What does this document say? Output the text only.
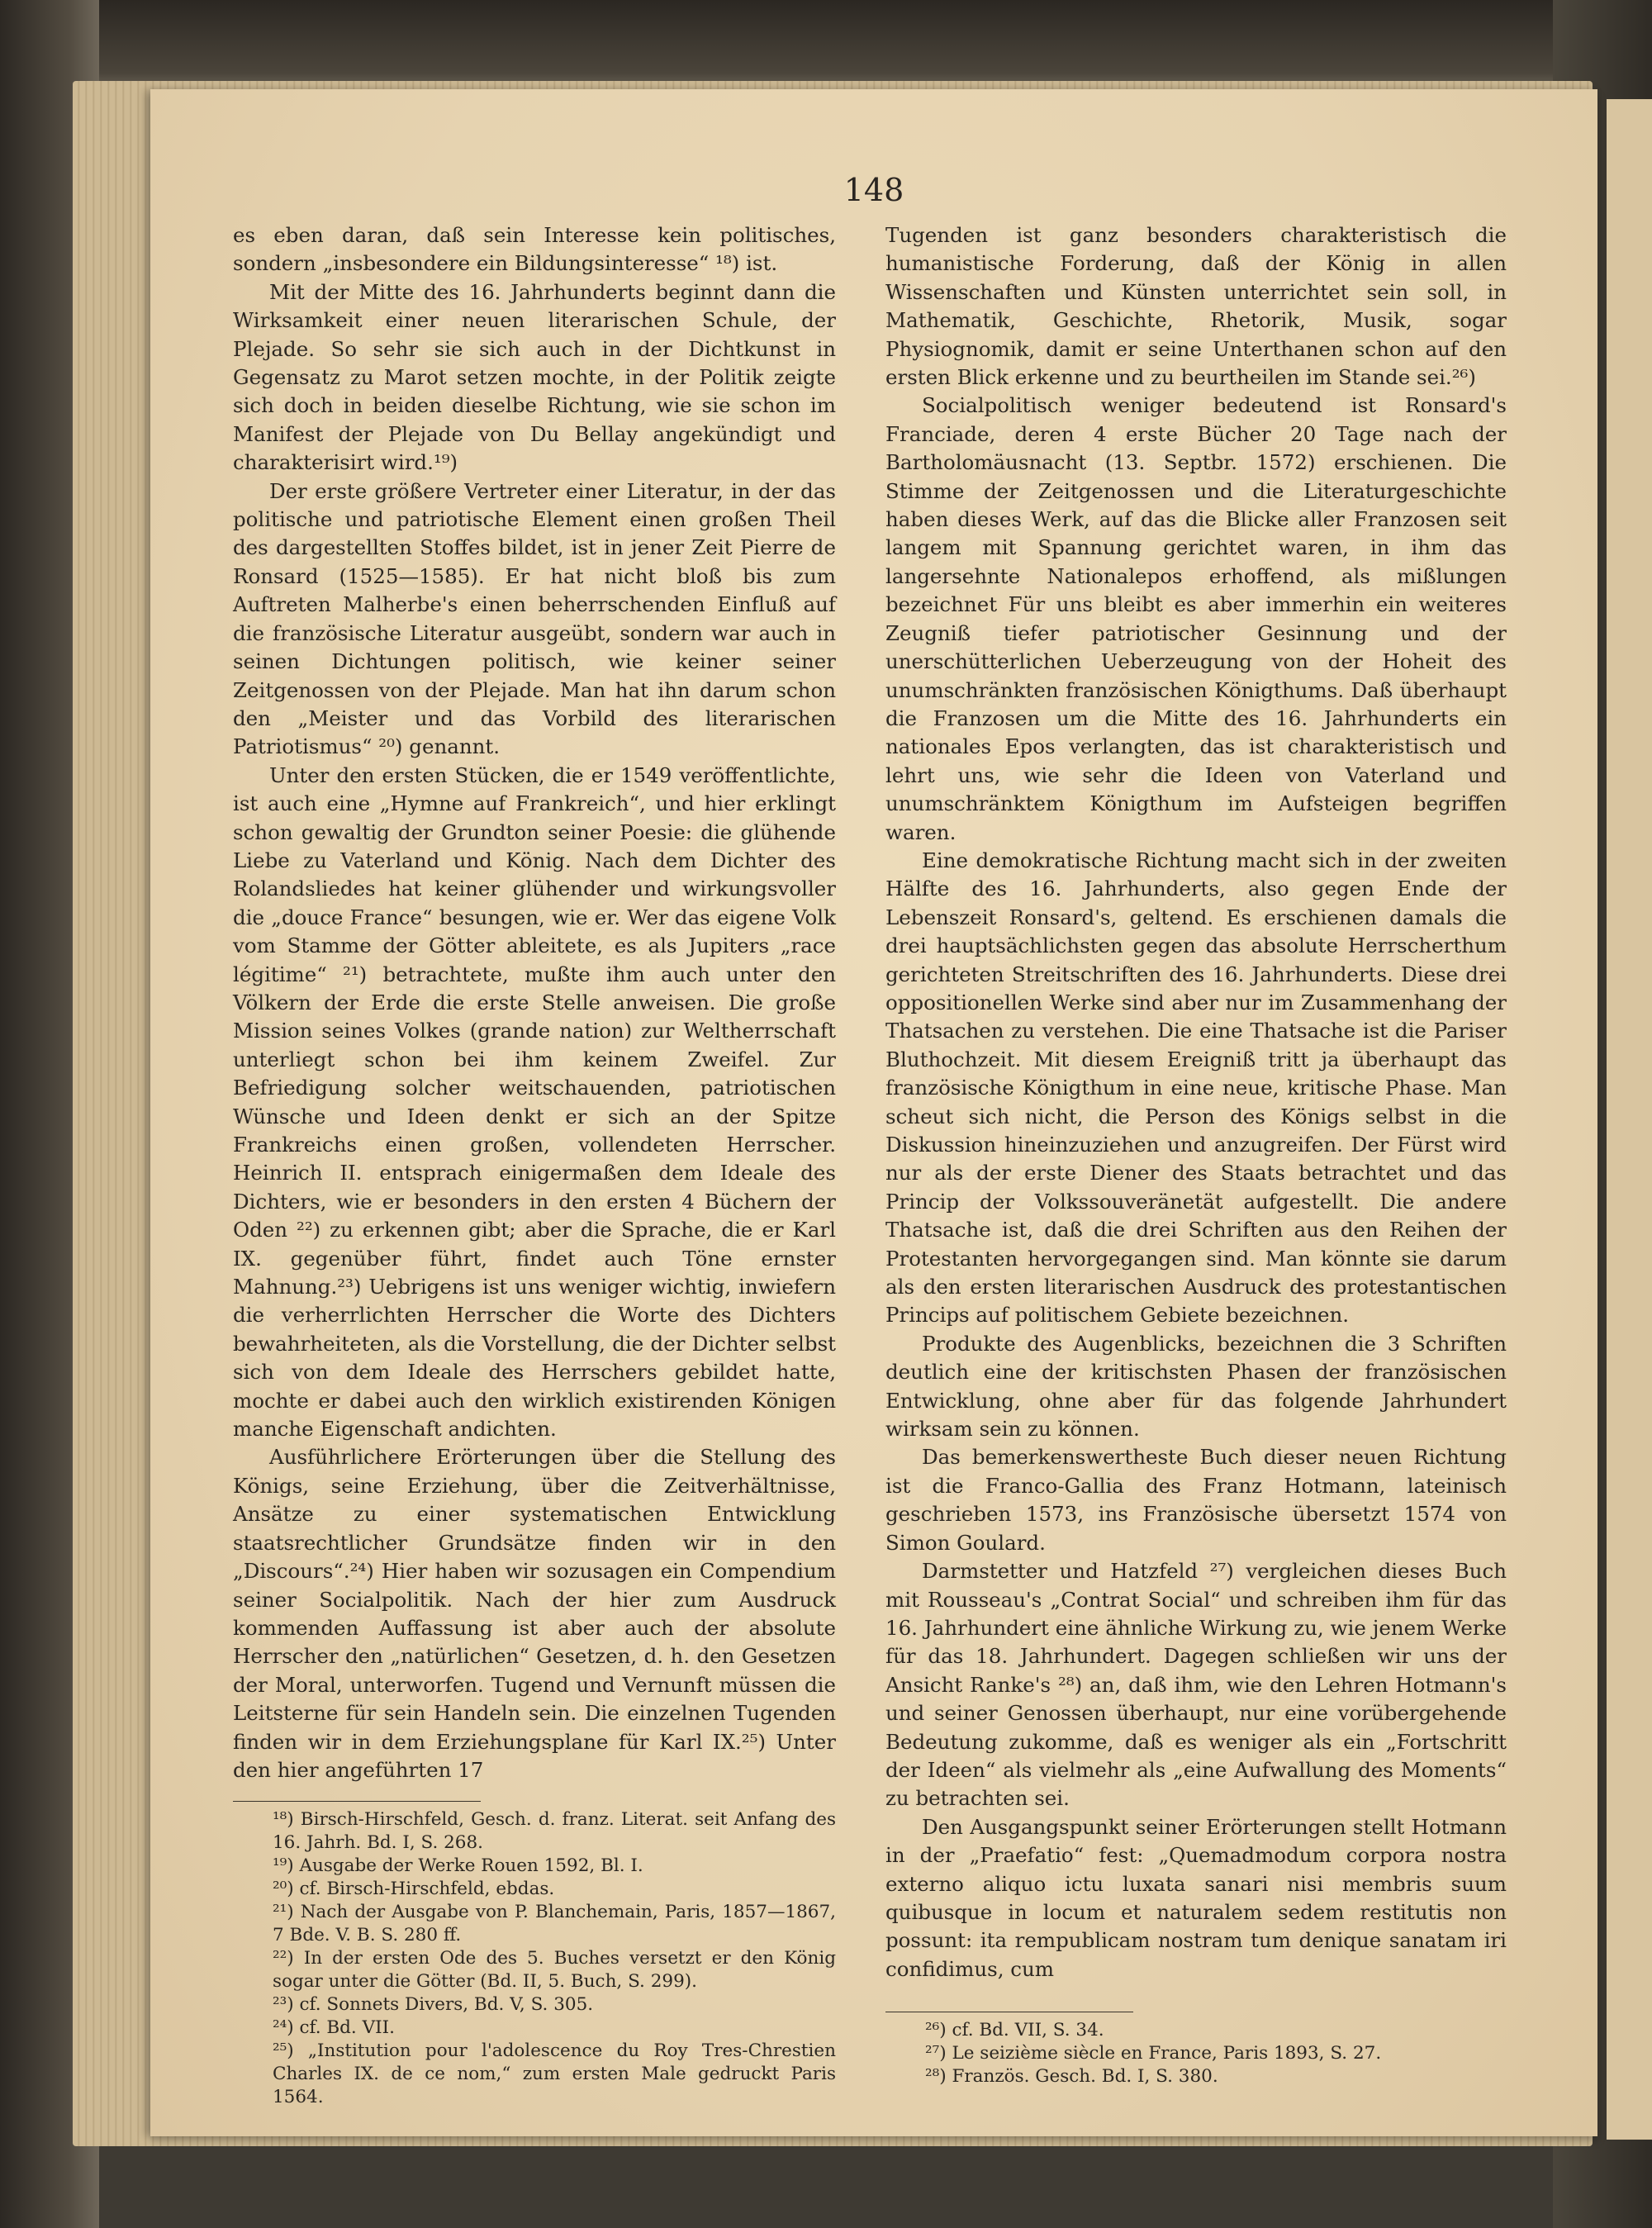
148

es eben daran, daß sein Interesse kein politisches, sondern „insbesondere ein Bildungsinteresse“ ¹⁸) ist.

Mit der Mitte des 16. Jahrhunderts beginnt dann die Wirksamkeit einer neuen literarischen Schule, der Plejade. So sehr sie sich auch in der Dichtkunst in Gegensatz zu Marot setzen mochte, in der Politik zeigte sich doch in beiden dieselbe Richtung, wie sie schon im Manifest der Plejade von Du Bellay angekündigt und charakterisirt wird.¹⁹)

Der erste größere Vertreter einer Literatur, in der das politische und patriotische Element einen großen Theil des dargestellten Stoffes bildet, ist in jener Zeit Pierre de Ronsard (1525—1585). Er hat nicht bloß bis zum Auftreten Malherbe's einen beherrschenden Einfluß auf die französische Literatur ausgeübt, sondern war auch in seinen Dichtungen politisch, wie keiner seiner Zeitgenossen von der Plejade. Man hat ihn darum schon den „Meister und das Vorbild des literarischen Patriotismus“ ²⁰) genannt.

Unter den ersten Stücken, die er 1549 veröffentlichte, ist auch eine „Hymne auf Frankreich“, und hier erklingt schon gewaltig der Grundton seiner Poesie: die glühende Liebe zu Vaterland und König. Nach dem Dichter des Rolandsliedes hat keiner glühender und wirkungsvoller die „douce France“ besungen, wie er. Wer das eigene Volk vom Stamme der Götter ableitete, es als Jupiters „race légitime“ ²¹) betrachtete, mußte ihm auch unter den Völkern der Erde die erste Stelle anweisen. Die große Mission seines Volkes (grande nation) zur Weltherrschaft unterliegt schon bei ihm keinem Zweifel. Zur Befriedigung solcher weitschauenden, patriotischen Wünsche und Ideen denkt er sich an der Spitze Frankreichs einen großen, vollendeten Herrscher. Heinrich II. entsprach einigermaßen dem Ideale des Dichters, wie er besonders in den ersten 4 Büchern der Oden ²²) zu erkennen gibt; aber die Sprache, die er Karl IX. gegenüber führt, findet auch Töne ernster Mahnung.²³) Uebrigens ist uns weniger wichtig, inwiefern die verherrlichten Herrscher die Worte des Dichters bewahrheiteten, als die Vorstellung, die der Dichter selbst sich von dem Ideale des Herrschers gebildet hatte, mochte er dabei auch den wirklich existirenden Königen manche Eigenschaft andichten.

Ausführlichere Erörterungen über die Stellung des Königs, seine Erziehung, über die Zeitverhältnisse, Ansätze zu einer systematischen Entwicklung staatsrechtlicher Grundsätze finden wir in den „Discours“.²⁴) Hier haben wir sozusagen ein Compendium seiner Socialpolitik. Nach der hier zum Ausdruck kommenden Auffassung ist aber auch der absolute Herrscher den „natürlichen“ Gesetzen, d. h. den Gesetzen der Moral, unterworfen. Tugend und Vernunft müssen die Leitsterne für sein Handeln sein. Die einzelnen Tugenden finden wir in dem Erziehungsplane für Karl IX.²⁵) Unter den hier angeführten 17

¹⁸) Birsch-Hirschfeld, Gesch. d. franz. Literat. seit Anfang des 16. Jahrh. Bd. I, S. 268.
¹⁹) Ausgabe der Werke Rouen 1592, Bl. I.
²⁰) cf. Birsch-Hirschfeld, ebdas.
²¹) Nach der Ausgabe von P. Blanchemain, Paris, 1857—1867, 7 Bde. V. B. S. 280 ff.
²²) In der ersten Ode des 5. Buches versetzt er den König sogar unter die Götter (Bd. II, 5. Buch, S. 299).
²³) cf. Sonnets Divers, Bd. V, S. 305.
²⁴) cf. Bd. VII.
²⁵) „Institution pour l'adolescence du Roy Tres-Chrestien Charles IX. de ce nom,“ zum ersten Male gedruckt Paris 1564.

Tugenden ist ganz besonders charakteristisch die humanistische Forderung, daß der König in allen Wissenschaften und Künsten unterrichtet sein soll, in Mathematik, Geschichte, Rhetorik, Musik, sogar Physiognomik, damit er seine Unterthanen schon auf den ersten Blick erkenne und zu beurtheilen im Stande sei.²⁶)

Socialpolitisch weniger bedeutend ist Ronsard's Franciade, deren 4 erste Bücher 20 Tage nach der Bartholomäusnacht (13. Septbr. 1572) erschienen. Die Stimme der Zeitgenossen und die Literaturgeschichte haben dieses Werk, auf das die Blicke aller Franzosen seit langem mit Spannung gerichtet waren, in ihm das langersehnte Nationalepos erhoffend, als mißlungen bezeichnet Für uns bleibt es aber immerhin ein weiteres Zeugniß tiefer patriotischer Gesinnung und der unerschütterlichen Ueberzeugung von der Hoheit des unumschränkten französischen Königthums. Daß überhaupt die Franzosen um die Mitte des 16. Jahrhunderts ein nationales Epos verlangten, das ist charakteristisch und lehrt uns, wie sehr die Ideen von Vaterland und unumschränktem Königthum im Aufsteigen begriffen waren.

Eine demokratische Richtung macht sich in der zweiten Hälfte des 16. Jahrhunderts, also gegen Ende der Lebenszeit Ronsard's, geltend. Es erschienen damals die drei hauptsächlichsten gegen das absolute Herrscherthum gerichteten Streitschriften des 16. Jahrhunderts. Diese drei oppositionellen Werke sind aber nur im Zusammenhang der Thatsachen zu verstehen. Die eine Thatsache ist die Pariser Bluthochzeit. Mit diesem Ereigniß tritt ja überhaupt das französische Königthum in eine neue, kritische Phase. Man scheut sich nicht, die Person des Königs selbst in die Diskussion hineinzuziehen und anzugreifen. Der Fürst wird nur als der erste Diener des Staats betrachtet und das Princip der Volkssouveränetät aufgestellt. Die andere Thatsache ist, daß die drei Schriften aus den Reihen der Protestanten hervorgegangen sind. Man könnte sie darum als den ersten literarischen Ausdruck des protestantischen Princips auf politischem Gebiete bezeichnen.

Produkte des Augenblicks, bezeichnen die 3 Schriften deutlich eine der kritischsten Phasen der französischen Entwicklung, ohne aber für das folgende Jahrhundert wirksam sein zu können.

Das bemerkenswertheste Buch dieser neuen Richtung ist die Franco-Gallia des Franz Hotmann, lateinisch geschrieben 1573, ins Französische übersetzt 1574 von Simon Goulard.

Darmstetter und Hatzfeld ²⁷) vergleichen dieses Buch mit Rousseau's „Contrat Social“ und schreiben ihm für das 16. Jahrhundert eine ähnliche Wirkung zu, wie jenem Werke für das 18. Jahrhundert. Dagegen schließen wir uns der Ansicht Ranke's ²⁸) an, daß ihm, wie den Lehren Hotmann's und seiner Genossen überhaupt, nur eine vorübergehende Bedeutung zukomme, daß es weniger als ein „Fortschritt der Ideen“ als vielmehr als „eine Aufwallung des Moments“ zu betrachten sei.

Den Ausgangspunkt seiner Erörterungen stellt Hotmann in der „Praefatio“ fest: „Quemadmodum corpora nostra externo aliquo ictu luxata sanari nisi membris suum quibusque in locum et naturalem sedem restitutis non possunt: ita rempublicam nostram tum denique sanatam iri confidimus, cum

²⁶) cf. Bd. VII, S. 34.
²⁷) Le seizième siècle en France, Paris 1893, S. 27.
²⁸) Französ. Gesch. Bd. I, S. 380.
